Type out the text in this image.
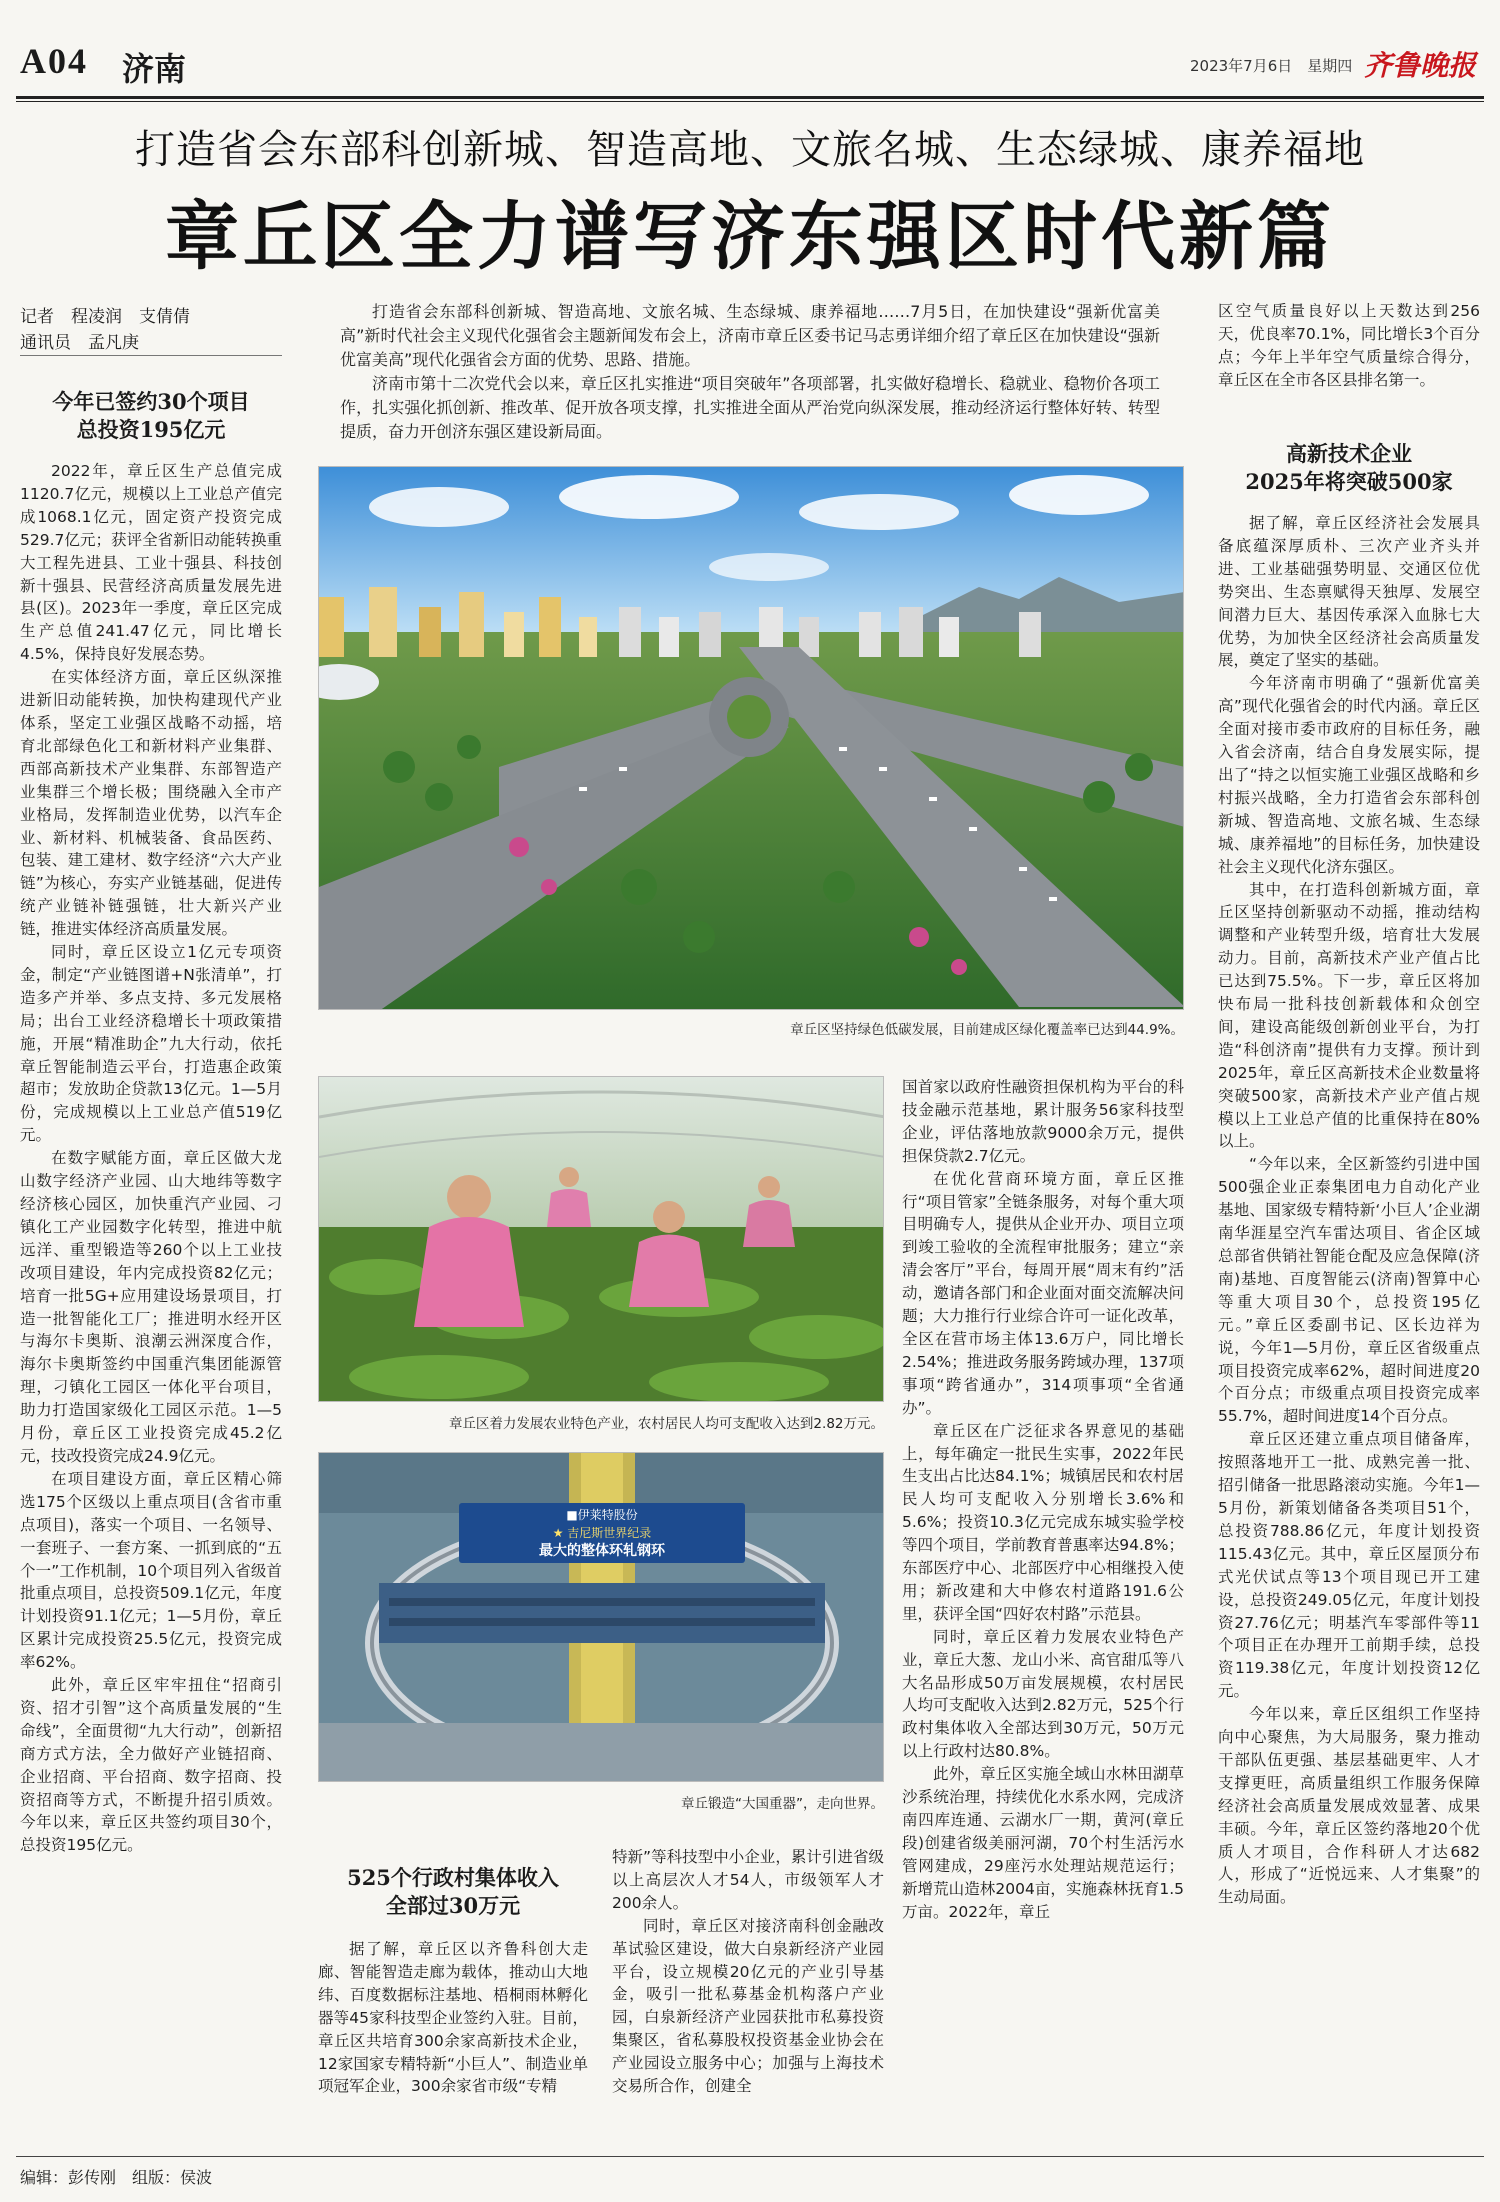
A04 济南	2023年7月6日　星期四 齐鲁晚报
打造省会东部科创新城、智造高地、文旅名城、生态绿城、康养福地
章丘区全力谱写济东强区时代新篇
记者　程凌润　支倩倩
通讯员　孟凡庚

打造省会东部科创新城、智造高地、文旅名城、生态绿城、康养福地……7月5日，在加快建设“强新优富美高”新时代社会主义现代化强省会主题新闻发布会上，济南市章丘区委书记马志勇详细介绍了章丘区在加快建设“强新优富美高”现代化强省会方面的优势、思路、措施。

济南市第十二次党代会以来，章丘区扎实推进“项目突破年”各项部署，扎实做好稳增长、稳就业、稳物价各项工作，扎实强化抓创新、推改革、促开放各项支撑，扎实推进全面从严治党向纵深发展，推动经济运行整体好转、转型提质，奋力开创济东强区建设新局面。

今年已签约30个项目
总投资195亿元

2022年，章丘区生产总值完成1120.7亿元，规模以上工业总产值完成1068.1亿元，固定资产投资完成529.7亿元；获评全省新旧动能转换重大工程先进县、工业十强县、科技创新十强县、民营经济高质量发展先进县(区)。2023年一季度，章丘区完成生产总值241.47亿元，同比增长4.5%，保持良好发展态势。

在实体经济方面，章丘区纵深推进新旧动能转换，加快构建现代产业体系，坚定工业强区战略不动摇，培育北部绿色化工和新材料产业集群、西部高新技术产业集群、东部智造产业集群三个增长极；围绕融入全市产业格局，发挥制造业优势，以汽车企业、新材料、机械装备、食品医药、包装、建工建材、数字经济“六大产业链”为核心，夯实产业链基础，促进传统产业链补链强链，壮大新兴产业链，推进实体经济高质量发展。

同时，章丘区设立1亿元专项资金，制定“产业链图谱+N张清单”，打造多产并举、多点支持、多元发展格局；出台工业经济稳增长十项政策措施，开展“精准助企”九大行动，依托章丘智能制造云平台，打造惠企政策超市；发放助企贷款13亿元。1—5月份，完成规模以上工业总产值519亿元。

在数字赋能方面，章丘区做大龙山数字经济产业园、山大地纬等数字经济核心园区，加快重汽产业园、刁镇化工产业园数字化转型，推进中航远洋、重型锻造等260个以上工业技改项目建设，年内完成投资82亿元；培育一批5G+应用建设场景项目，打造一批智能化工厂；推进明水经开区与海尔卡奥斯、浪潮云洲深度合作，海尔卡奥斯签约中国重汽集团能源管理，刁镇化工园区一体化平台项目，助力打造国家级化工园区示范。1—5月份，章丘区工业投资完成45.2亿元，技改投资完成24.9亿元。

在项目建设方面，章丘区精心筛选175个区级以上重点项目(含省市重点项目)，落实一个项目、一名领导、一套班子、一套方案、一抓到底的“五个一”工作机制，10个项目列入省级首批重点项目，总投资509.1亿元，年度计划投资91.1亿元；1—5月份，章丘区累计完成投资25.5亿元，投资完成率62%。

此外，章丘区牢牢扭住“招商引资、招才引智”这个高质量发展的“生命线”，全面贯彻“九大行动”，创新招商方式方法，全力做好产业链招商、企业招商、平台招商、数字招商、投资招商等方式，不断提升招引质效。今年以来，章丘区共签约项目30个，总投资195亿元。

章丘区坚持绿色低碳发展，目前建成区绿化覆盖率已达到44.9%。
章丘区着力发展农业特色产业，农村居民人均可支配收入达到2.82万元。
■伊莱特股份
★ 吉尼斯世界纪录
最大的整体环轧钢环
章丘锻造“大国重器”，走向世界。

国首家以政府性融资担保机构为平台的科技金融示范基地，累计服务56家科技型企业，评估落地放款9000余万元，提供担保贷款2.7亿元。

在优化营商环境方面，章丘区推行“项目管家”全链条服务，对每个重大项目明确专人，提供从企业开办、项目立项到竣工验收的全流程审批服务；建立“亲清会客厅”平台，每周开展“周末有约”活动，邀请各部门和企业面对面交流解决问题；大力推行行业综合许可一证化改革，全区在营市场主体13.6万户，同比增长2.54%；推进政务服务跨域办理，137项事项“跨省通办”，314项事项“全省通办”。

章丘区在广泛征求各界意见的基础上，每年确定一批民生实事，2022年民生支出占比达84.1%；城镇居民和农村居民人均可支配收入分别增长3.6%和5.6%；投资10.3亿元完成东城实验学校等四个项目，学前教育普惠率达94.8%；东部医疗中心、北部医疗中心相继投入使用；新改建和大中修农村道路191.6公里，获评全国“四好农村路”示范县。

同时，章丘区着力发展农业特色产业，章丘大葱、龙山小米、高官甜瓜等八大名品形成50万亩发展规模，农村居民人均可支配收入达到2.82万元，525个行政村集体收入全部达到30万元，50万元以上行政村达80.8%。

此外，章丘区实施全域山水林田湖草沙系统治理，持续优化水系水网，完成济南四库连通、云湖水厂一期，黄河(章丘段)创建省级美丽河湖，70个村生活污水管网建成，29座污水处理站规范运行；新增荒山造林2004亩，实施森林抚育1.5万亩。2022年，章丘

525个行政村集体收入
全部过30万元

据了解，章丘区以齐鲁科创大走廊、智能智造走廊为载体，推动山大地纬、百度数据标注基地、梧桐雨林孵化器等45家科技型企业签约入驻。目前，章丘区共培育300余家高新技术企业，12家国家专精特新“小巨人”、制造业单项冠军企业，300余家省市级“专精

特新”等科技型中小企业，累计引进省级以上高层次人才54人，市级领军人才200余人。

同时，章丘区对接济南科创金融改革试验区建设，做大白泉新经济产业园平台，设立规模20亿元的产业引导基金，吸引一批私募基金机构落户产业园，白泉新经济产业园获批市私募投资集聚区，省私募股权投资基金业协会在产业园设立服务中心；加强与上海技术交易所合作，创建全

区空气质量良好以上天数达到256天，优良率70.1%，同比增长3个百分点；今年上半年空气质量综合得分，章丘区在全市各区县排名第一。

高新技术企业
2025年将突破500家

据了解，章丘区经济社会发展具备底蕴深厚质朴、三次产业齐头并进、工业基础强势明显、交通区位优势突出、生态禀赋得天独厚、发展空间潜力巨大、基因传承深入血脉七大优势，为加快全区经济社会高质量发展，奠定了坚实的基础。

今年济南市明确了“强新优富美高”现代化强省会的时代内涵。章丘区全面对接市委市政府的目标任务，融入省会济南，结合自身发展实际，提出了“持之以恒实施工业强区战略和乡村振兴战略，全力打造省会东部科创新城、智造高地、文旅名城、生态绿城、康养福地”的目标任务，加快建设社会主义现代化济东强区。

其中，在打造科创新城方面，章丘区坚持创新驱动不动摇，推动结构调整和产业转型升级，培育壮大发展动力。目前，高新技术产业产值占比已达到75.5%。下一步，章丘区将加快布局一批科技创新载体和众创空间，建设高能级创新创业平台，为打造“科创济南”提供有力支撑。预计到2025年，章丘区高新技术企业数量将突破500家，高新技术产业产值占规模以上工业总产值的比重保持在80%以上。

“今年以来，全区新签约引进中国500强企业正泰集团电力自动化产业基地、国家级专精特新‘小巨人’企业湖南华涯星空汽车雷达项目、省企区域总部省供销社智能仓配及应急保障(济南)基地、百度智能云(济南)智算中心等重大项目30个，总投资195亿元。”章丘区委副书记、区长边祥为说，今年1—5月份，章丘区省级重点项目投资完成率62%，超时间进度20个百分点；市级重点项目投资完成率55.7%，超时间进度14个百分点。

章丘区还建立重点项目储备库，按照落地开工一批、成熟完善一批、招引储备一批思路滚动实施。今年1—5月份，新策划储备各类项目51个，总投资788.86亿元，年度计划投资115.43亿元。其中，章丘区屋顶分布式光伏试点等13个项目现已开工建设，总投资249.05亿元，年度计划投资27.76亿元；明基汽车零部件等11个项目正在办理开工前期手续，总投资119.38亿元，年度计划投资12亿元。

今年以来，章丘区组织工作坚持向中心聚焦，为大局服务，聚力推动干部队伍更强、基层基础更牢、人才支撑更旺，高质量组织工作服务保障经济社会高质量发展成效显著、成果丰硕。今年，章丘区签约落地20个优质人才项目，合作科研人才达682人，形成了“近悦远来、人才集聚”的生动局面。

编辑：彭传刚　组版：侯波
